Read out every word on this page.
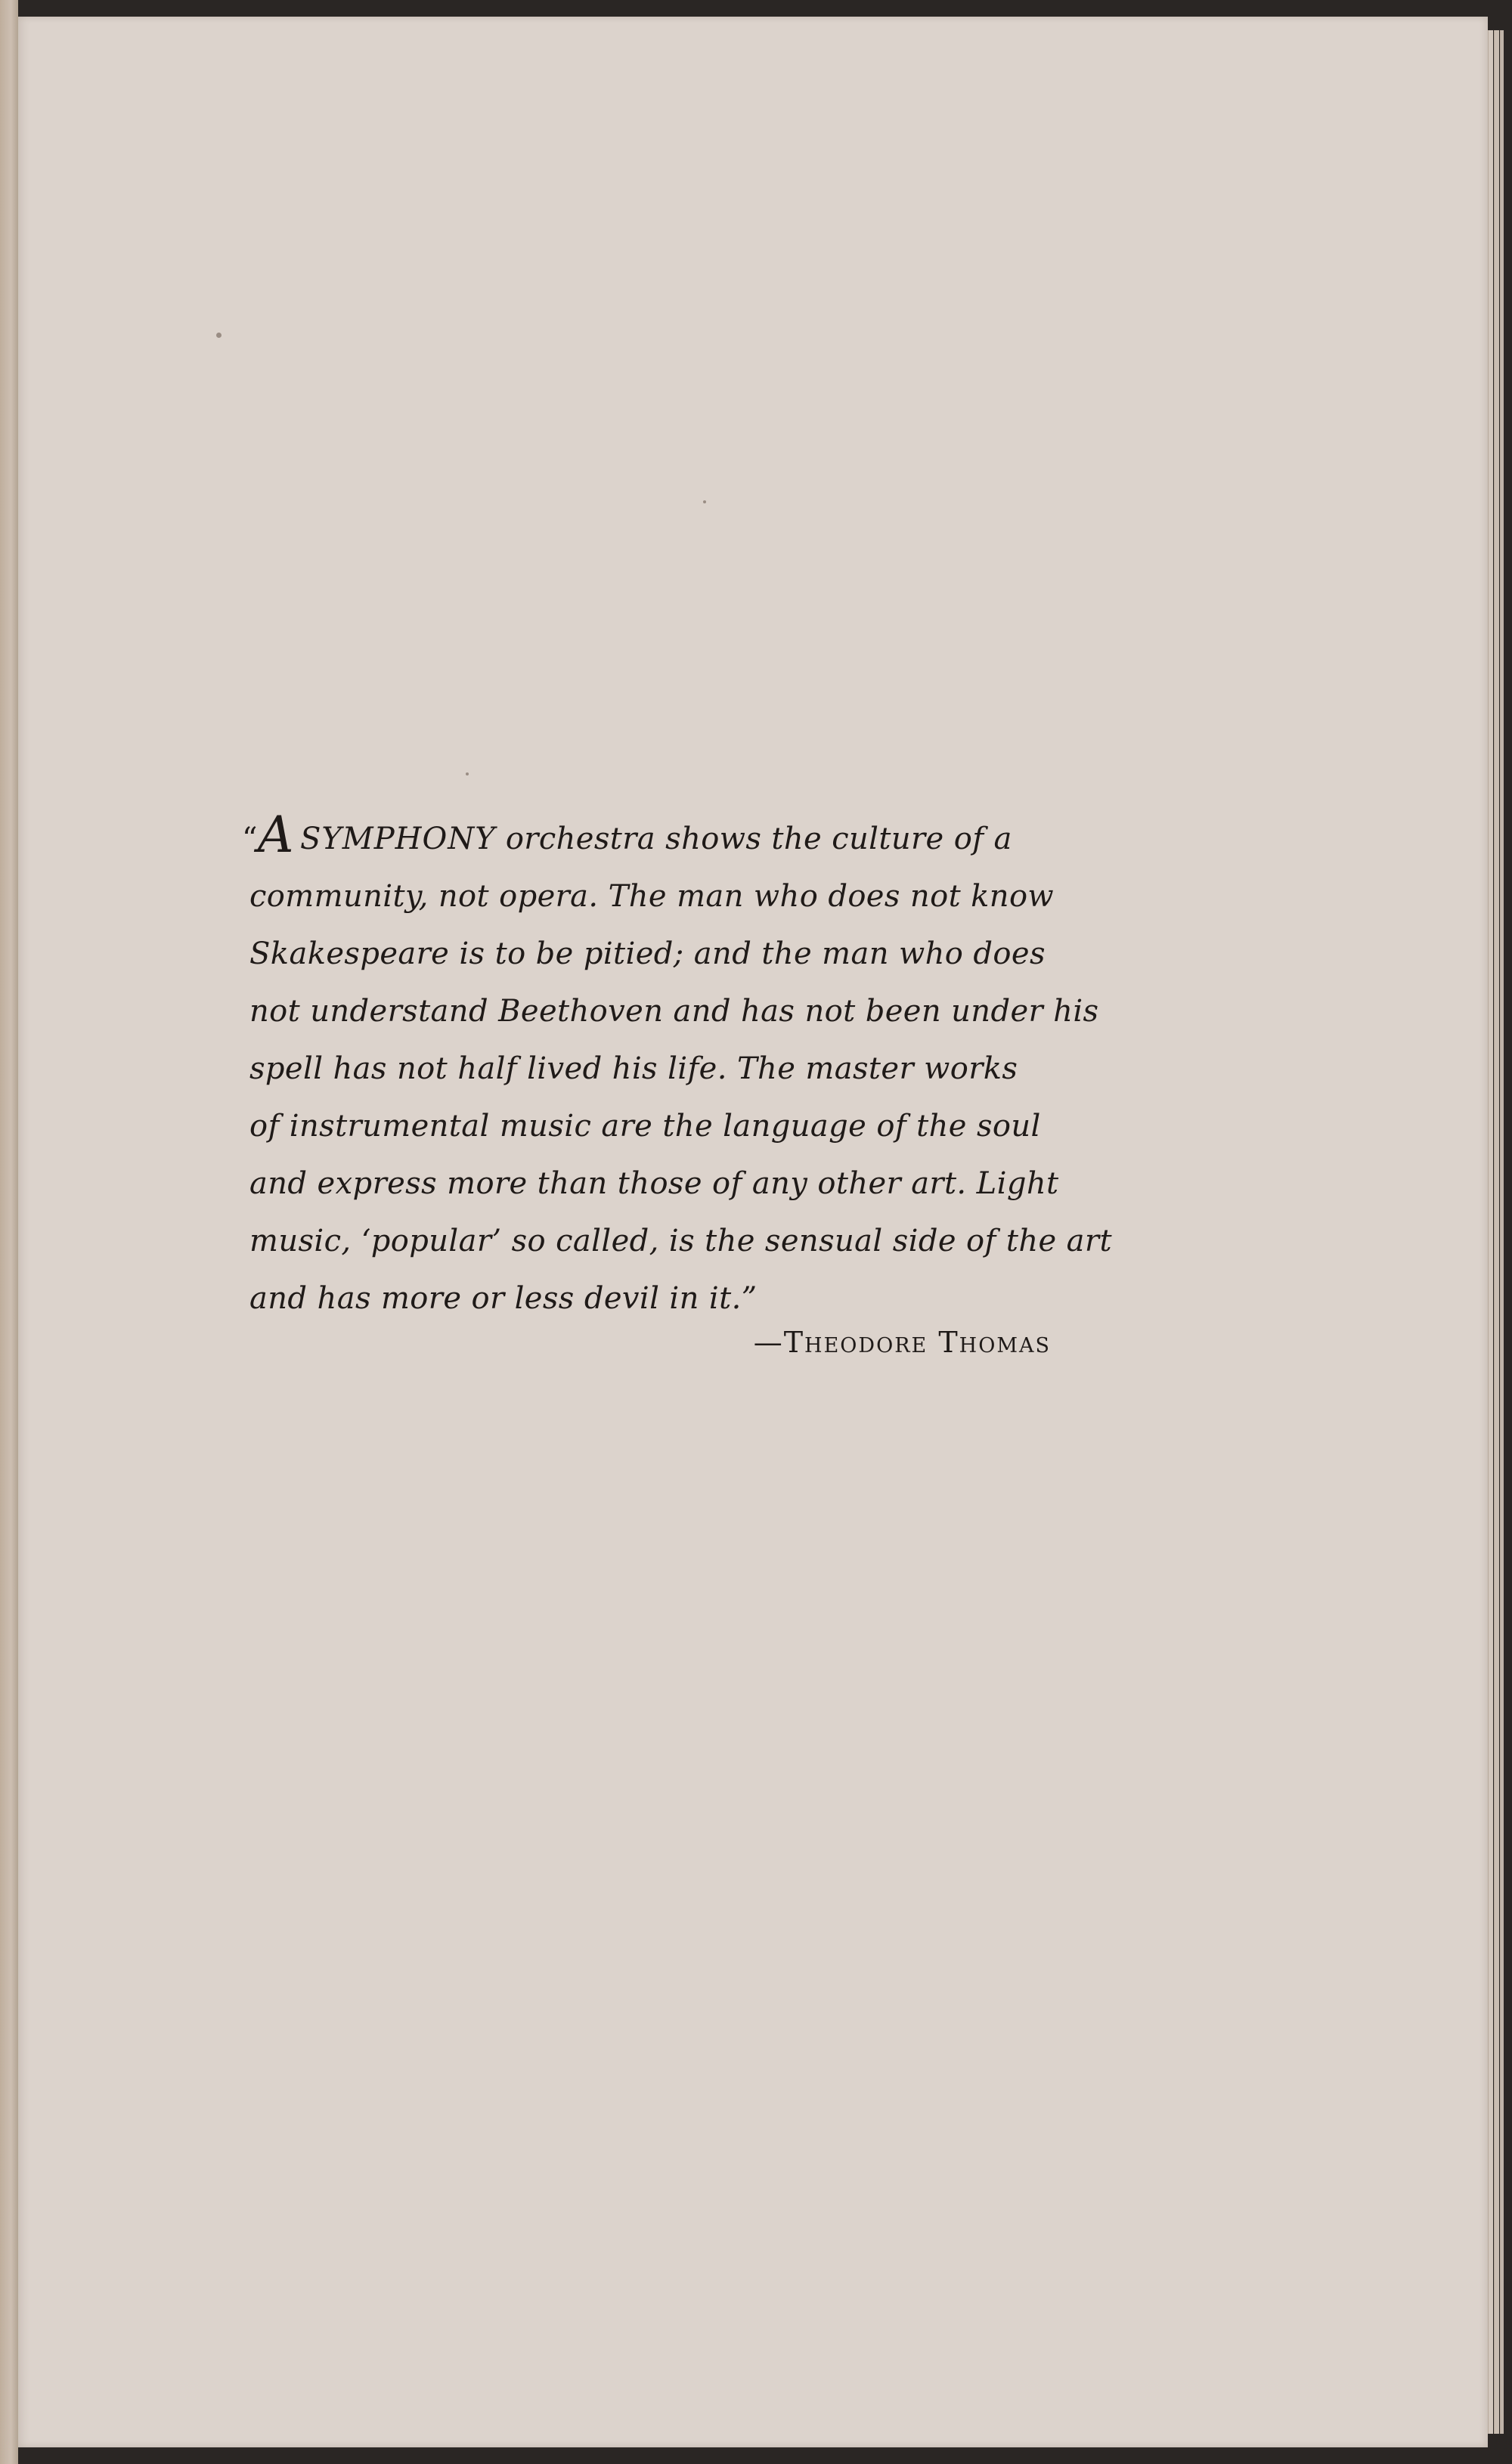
“A SYMPHONY orchestra shows the culture of a
community, not opera. The man who does not know
Skakespeare is to be pitied; and the man who does
not understand Beethoven and has not been under his
spell has not half lived his life. The master works
of instrumental music are the language of the soul
and express more than those of any other art. Light
music, ‘popular’ so called, is the sensual side of the art
and has more or less devil in it.”
—Theodore Thomas
